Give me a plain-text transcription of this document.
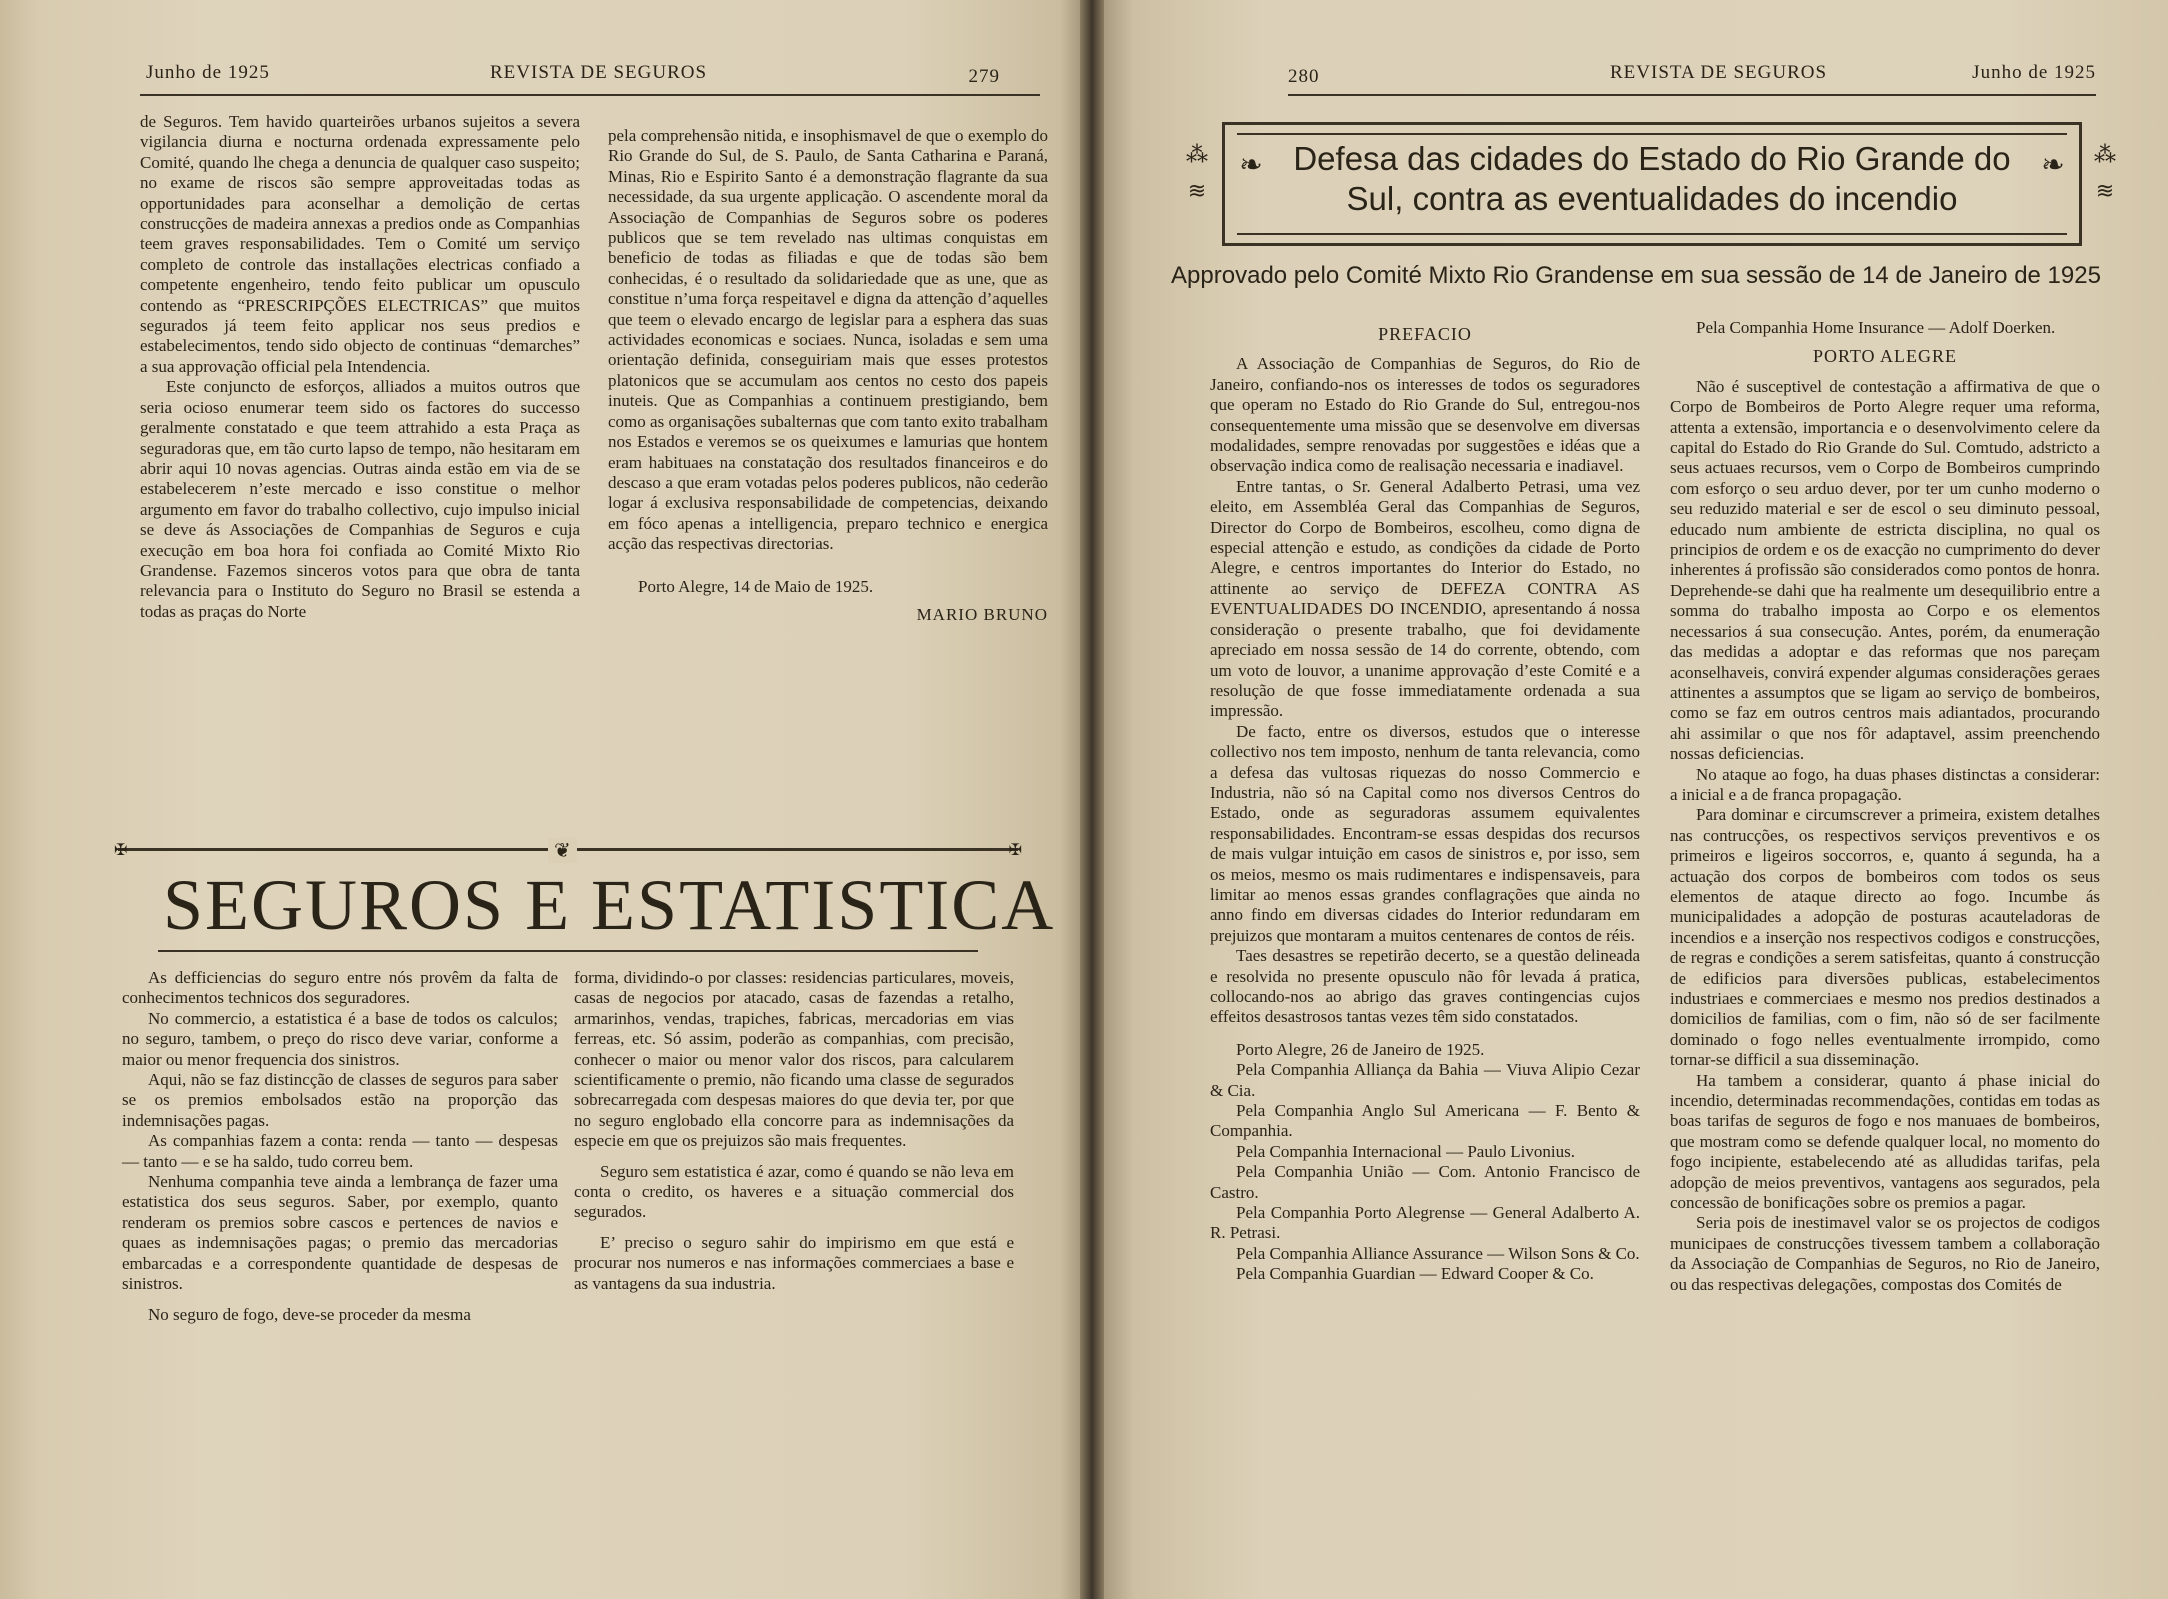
Junho de 1925	REVISTA DE SEGUROS	279

de Seguros. Tem havido quarteirões urbanos sujeitos a severa vigilancia diurna e nocturna ordenada expressamente pelo Comité, quando lhe chega a denuncia de qualquer caso suspeito; no exame de riscos são sempre approveitadas todas as opportunidades para aconselhar a demolição de certas construcções de madeira annexas a predios onde as Companhias teem graves responsabilidades. Tem o Comité um serviço completo de controle das installações electricas confiado a competente engenheiro, tendo feito publicar um opusculo contendo as “PRESCRIPÇÕES ELECTRICAS” que muitos segurados já teem feito applicar nos seus predios e estabelecimentos, tendo sido objecto de continuas “demarches” a sua approvação official pela Intendencia.

Este conjuncto de esforços, alliados a muitos outros que seria ocioso enumerar teem sido os factores do successo geralmente constatado e que teem attrahido a esta Praça as seguradoras que, em tão curto lapso de tempo, não hesitaram em abrir aqui 10 novas agencias. Outras ainda estão em via de se estabelecerem n’este mercado e isso constitue o melhor argumento em favor do trabalho collectivo, cujo impulso inicial se deve ás Associações de Companhias de Seguros e cuja execução em boa hora foi confiada ao Comité Mixto Rio Grandense. Fazemos sinceros votos para que obra de tanta relevancia para o Instituto do Seguro no Brasil se estenda a todas as praças do Norte

pela comprehensão nitida, e insophismavel de que o exemplo do Rio Grande do Sul, de S. Paulo, de Santa Catharina e Paraná, Minas, Rio e Espirito Santo é a demonstração flagrante da sua necessidade, da sua urgente applicação. O ascendente moral da Associação de Companhias de Seguros sobre os poderes publicos que se tem revelado nas ultimas conquistas em beneficio de todas as filiadas e que de todas são bem conhecidas, é o resultado da solidariedade que as une, que as constitue n’uma força respeitavel e digna da attenção d’aquelles que teem o elevado encargo de legislar para a esphera das suas actividades economicas e sociaes. Nunca, isoladas e sem uma orientação definida, conseguiriam mais que esses protestos platonicos que se accumulam aos centos no cesto dos papeis inuteis. Que as Companhias a continuem prestigiando, bem como as organisações subalternas que com tanto exito trabalham nos Estados e veremos se os queixumes e lamurias que hontem eram habituaes na constatação dos resultados financeiros e do descaso a que eram votadas pelos poderes publicos, não cederão logar á exclusiva responsabilidade de competencias, deixando em fóco apenas a intelligencia, preparo technico e energica acção das respectivas directorias.

Porto Alegre, 14 de Maio de 1925.

MARIO BRUNO

❦
✠	✠
SEGUROS E ESTATISTICA

As defficiencias do seguro entre nós provêm da falta de conhecimentos technicos dos seguradores.

No commercio, a estatistica é a base de todos os calculos; no seguro, tambem, o preço do risco deve variar, conforme a maior ou menor frequencia dos sinistros.

Aqui, não se faz distincção de classes de seguros para saber se os premios embolsados estão na proporção das indemnisações pagas.

As companhias fazem a conta: renda — tanto — despesas — tanto — e se ha saldo, tudo correu bem.

Nenhuma companhia teve ainda a lembrança de fazer uma estatistica dos seus seguros. Saber, por exemplo, quanto renderam os premios sobre cascos e pertences de navios e quaes as indemnisações pagas; o premio das mercadorias embarcadas e a correspondente quantidade de despesas de sinistros.

No seguro de fogo, deve-se proceder da mesma

forma, dividindo-o por classes: residencias particulares, moveis, casas de negocios por atacado, casas de fazendas a retalho, armarinhos, vendas, trapiches, fabricas, mercadorias em vias ferreas, etc. Só assim, poderão as companhias, com precisão, conhecer o maior ou menor valor dos riscos, para calcularem scientificamente o premio, não ficando uma classe de segurados sobrecarregada com despesas maiores do que devia ter, por que no seguro englobado ella concorre para as indemnisações da especie em que os prejuizos são mais frequentes.

Seguro sem estatistica é azar, como é quando se não leva em conta o credito, os haveres e a situação commercial dos segurados.

E’ preciso o seguro sahir do impirismo em que está e procurar nos numeros e nas informações commerciaes a base e as vantagens da sua industria.

280	REVISTA DE SEGUROS	Junho de 1925
⁂
≋
⁂
≋
❧	❧
Defesa das cidades do Estado do Rio Grande do Sul, contra as eventualidades do incendio
Approvado pelo Comité Mixto Rio Grandense em sua sessão de 14 de Janeiro de 1925

PREFACIO

A Associação de Companhias de Seguros, do Rio de Janeiro, confiando-nos os interesses de todos os seguradores que operam no Estado do Rio Grande do Sul, entregou-nos consequentemente uma missão que se desenvolve em diversas modalidades, sempre renovadas por suggestões e idéas que a observação indica como de realisação necessaria e inadiavel.

Entre tantas, o Sr. General Adalberto Petrasi, uma vez eleito, em Assembléa Geral das Companhias de Seguros, Director do Corpo de Bombeiros, escolheu, como digna de especial attenção e estudo, as condições da cidade de Porto Alegre, e centros importantes do Interior do Estado, no attinente ao serviço de DEFEZA CONTRA AS EVENTUALIDADES DO INCENDIO, apresentando á nossa consideração o presente trabalho, que foi devidamente apreciado em nossa sessão de 14 do corrente, obtendo, com um voto de louvor, a unanime approvação d’este Comité e a resolução de que fosse immediatamente ordenada a sua impressão.

De facto, entre os diversos, estudos que o interesse collectivo nos tem imposto, nenhum de tanta relevancia, como a defesa das vultosas riquezas do nosso Commercio e Industria, não só na Capital como nos diversos Centros do Estado, onde as seguradoras assumem equivalentes responsabilidades. Encontram-se essas despidas dos recursos de mais vulgar intuição em casos de sinistros e, por isso, sem os meios, mesmo os mais rudimentares e indispensaveis, para limitar ao menos essas grandes conflagrações que ainda no anno findo em diversas cidades do Interior redundaram em prejuizos que montaram a muitos centenares de contos de réis.

Taes desastres se repetirão decerto, se a questão delineada e resolvida no presente opusculo não fôr levada á pratica, collocando-nos ao abrigo das graves contingencias cujos effeitos desastrosos tantas vezes têm sido constatados.

Porto Alegre, 26 de Janeiro de 1925.

Pela Companhia Alliança da Bahia — Viuva Alipio Cezar & Cia.

Pela Companhia Anglo Sul Americana — F. Bento & Companhia.

Pela Companhia Internacional — Paulo Livonius.

Pela Companhia União — Com. Antonio Francisco de Castro.

Pela Companhia Porto Alegrense — General Adalberto A. R. Petrasi.

Pela Companhia Alliance Assurance — Wilson Sons & Co.

Pela Companhia Guardian — Edward Cooper & Co.

Pela Companhia Home Insurance — Adolf Doerken.

PORTO ALEGRE

Não é susceptivel de contestação a affirmativa de que o Corpo de Bombeiros de Porto Alegre requer uma reforma, attenta a extensão, importancia e o desenvolvimento celere da capital do Estado do Rio Grande do Sul. Comtudo, adstricto a seus actuaes recursos, vem o Corpo de Bombeiros cumprindo com esforço o seu arduo dever, por ter um cunho moderno o seu reduzido material e ser de escol o seu diminuto pessoal, educado num ambiente de estricta disciplina, no qual os principios de ordem e os de exacção no cumprimento do dever inherentes á profissão são considerados como pontos de honra. Deprehende-se dahi que ha realmente um desequilibrio entre a somma do trabalho imposta ao Corpo e os elementos necessarios á sua consecução. Antes, porém, da enumeração das medidas a adoptar e das reformas que nos pareçam aconselhaveis, convirá expender algumas considerações geraes attinentes a assumptos que se ligam ao serviço de bombeiros, como se faz em outros centros mais adiantados, procurando ahi assimilar o que nos fôr adaptavel, assim preenchendo nossas deficiencias.

No ataque ao fogo, ha duas phases distinctas a considerar: a inicial e a de franca propagação.

Para dominar e circumscrever a primeira, existem detalhes nas contrucções, os respectivos serviços preventivos e os primeiros e ligeiros soccorros, e, quanto á segunda, ha a actuação dos corpos de bombeiros com todos os seus elementos de ataque directo ao fogo. Incumbe ás municipalidades a adopção de posturas acauteladoras de incendios e a inserção nos respectivos codigos e construcções, de regras e condições a serem satisfeitas, quanto á construcção de edificios para diversões publicas, estabelecimentos industriaes e commerciaes e mesmo nos predios destinados a domicilios de familias, com o fim, não só de ser facilmente dominado o fogo nelles eventualmente irrompido, como tornar-se difficil a sua disseminação.

Ha tambem a considerar, quanto á phase inicial do incendio, determinadas recommendações, contidas em todas as boas tarifas de seguros de fogo e nos manuaes de bombeiros, que mostram como se defende qualquer local, no momento do fogo incipiente, estabelecendo até as alludidas tarifas, pela adopção de meios preventivos, vantagens aos segurados, pela concessão de bonificações sobre os premios a pagar.

Seria pois de inestimavel valor se os projectos de codigos municipaes de construcções tivessem tambem a collaboração da Associação de Companhias de Seguros, no Rio de Janeiro, ou das respectivas delegações, compostas dos Comités de
